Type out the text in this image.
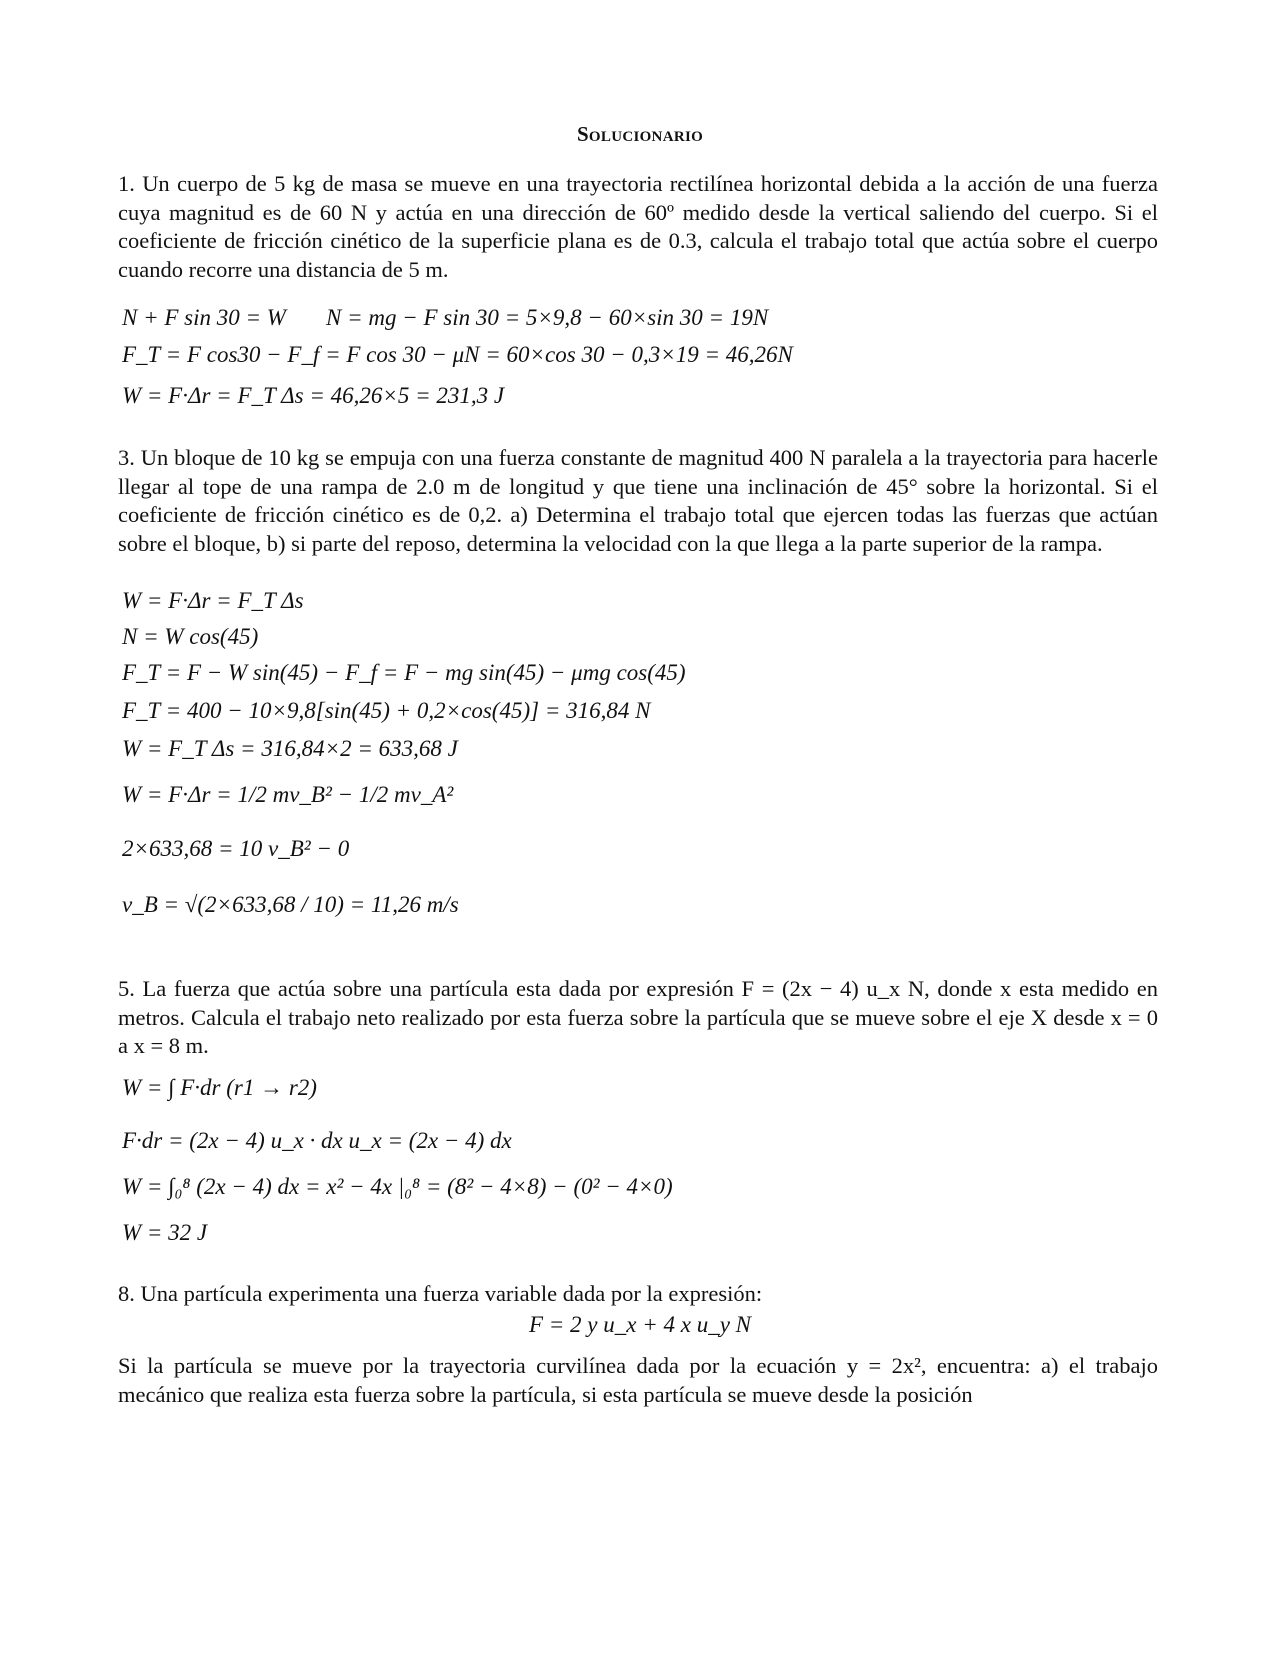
Solucionario
1. Un cuerpo de 5 kg de masa se mueve en una trayectoria rectilínea horizontal debida a la acción de una fuerza cuya magnitud es de 60 N y actúa en una dirección de 60º medido desde la vertical saliendo del cuerpo. Si el coeficiente de fricción cinético de la superficie plana es de 0.3, calcula el trabajo total que actúa sobre el cuerpo cuando recorre una distancia de 5 m.
N + F sin 30 = W N = mg − F sin 30 = 5×9,8 − 60×sin 30 = 19N
F_T = F cos30 − F_f = F cos 30 − μN = 60×cos 30 − 0,3×19 = 46,26N
W = F·Δr = F_T Δs = 46,26×5 = 231,3 J
3. Un bloque de 10 kg se empuja con una fuerza constante de magnitud 400 N paralela a la trayectoria para hacerle llegar al tope de una rampa de 2.0 m de longitud y que tiene una inclinación de 45° sobre la horizontal. Si el coeficiente de fricción cinético es de 0,2. a) Determina el trabajo total que ejercen todas las fuerzas que actúan sobre el bloque, b) si parte del reposo, determina la velocidad con la que llega a la parte superior de la rampa.
W = F·Δr = F_T Δs
N = W cos(45)
F_T = F − W sin(45) − F_f = F − mg sin(45) − μmg cos(45)
F_T = 400 − 10×9,8[sin(45) + 0,2×cos(45)] = 316,84 N
W = F_T Δs = 316,84×2 = 633,68 J
W = F·Δr = 1/2 mv_B² − 1/2 mv_A²
2×633,68 = 10 v_B² − 0
v_B = √(2×633,68 / 10) = 11,26 m/s
5. La fuerza que actúa sobre una partícula esta dada por expresión F = (2x − 4) u_x N, donde x esta medido en metros. Calcula el trabajo neto realizado por esta fuerza sobre la partícula que se mueve sobre el eje X desde x = 0 a x = 8 m.
W = ∫ F·dr (r1 → r2)
F·dr = (2x − 4) u_x · dx u_x = (2x − 4) dx
W = ∫₀⁸ (2x − 4) dx = x² − 4x |₀⁸ = (8² − 4×8) − (0² − 4×0)
W = 32 J
8. Una partícula experimenta una fuerza variable dada por la expresión:
F = 2 y u_x + 4 x u_y N
Si la partícula se mueve por la trayectoria curvilínea dada por la ecuación y = 2x², encuentra: a) el trabajo mecánico que realiza esta fuerza sobre la partícula, si esta partícula se mueve desde la posición
